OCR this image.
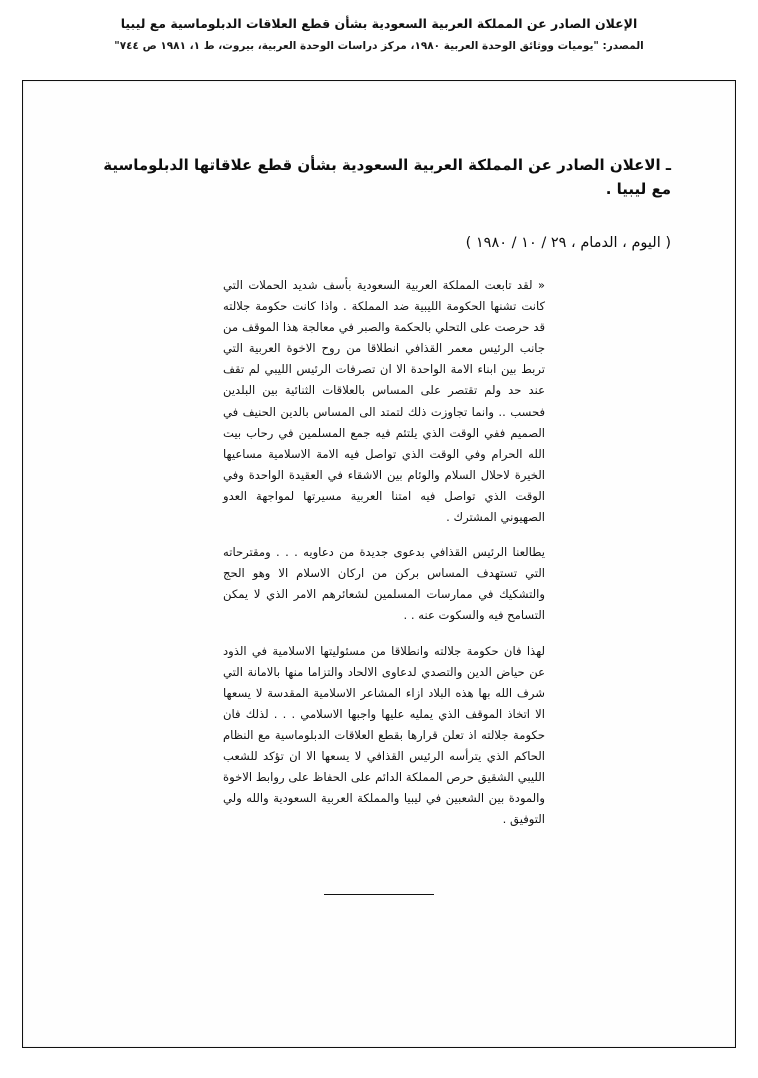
الإعلان الصادر عن المملكة العربية السعودية بشأن قطع العلاقات الدبلوماسية مع ليبيا
المصدر: "يوميات ووثائق الوحدة العربية ١٩٨٠، مركز دراسات الوحدة العربية، بيروت، ط ١، ١٩٨١ ص ٧٤٤"
ـ الاعلان الصادر عن المملكة العربية السعودية بشأن قطع علاقاتها الدبلوماسية مع ليبيا .
( اليوم ، الدمام ، ٢٩ / ١٠ / ١٩٨٠ )

« لقد تابعت المملكة العربية السعودية بأسف شديد الحملات التي كانت تشنها الحكومة الليبية ضد المملكة . واذا كانت حكومة جلالته قد حرصت على التحلي بالحكمة والصبر في معالجة هذا الموقف من جانب الرئيس معمر القذافي انطلاقا من روح الاخوة العربية التي تربط بين ابناء الامة الواحدة الا ان تصرفات الرئيس الليبي لم تقف عند حد ولم تقتصر على المساس بالعلاقات الثنائية بين البلدين فحسب .. وانما تجاوزت ذلك لتمتد الى المساس بالدين الحنيف في الصميم ففي الوقت الذي يلتئم فيه جمع المسلمين في رحاب بيت الله الحرام وفي الوقت الذي تواصل فيه الامة الاسلامية مساعيها الخيرة لاحلال السلام والوئام بين الاشقاء في العقيدة الواحدة وفي الوقت الذي تواصل فيه امتنا العربية مسيرتها لمواجهة العدو الصهيوني المشترك .

يطالعنا الرئيس القذافي بدعوى جديدة من دعاويه . . . ومقترحاته التي تستهدف المساس بركن من اركان الاسلام الا وهو الحج والتشكيك في ممارسات المسلمين لشعائرهم الامر الذي لا يمكن التسامح فيه والسكوت عنه . .

لهذا فان حكومة جلالته وانطلاقا من مسئوليتها الاسلامية في الذود عن حياض الدين والتصدي لدعاوى الالحاد والتزاما منها بالامانة التي شرف الله بها هذه البلاد ازاء المشاعر الاسلامية المقدسة لا يسعها الا اتخاذ الموقف الذي يمليه عليها واجبها الاسلامي . . . لذلك فان حكومة جلالته اذ تعلن قرارها بقطع العلاقات الدبلوماسية مع النظام الحاكم الذي يترأسه الرئيس القذافي لا يسعها الا ان تؤكد للشعب الليبي الشقيق حرص المملكة الدائم على الحفاظ على روابط الاخوة والمودة بين الشعبين في ليبيا والمملكة العربية السعودية والله ولي التوفيق .
